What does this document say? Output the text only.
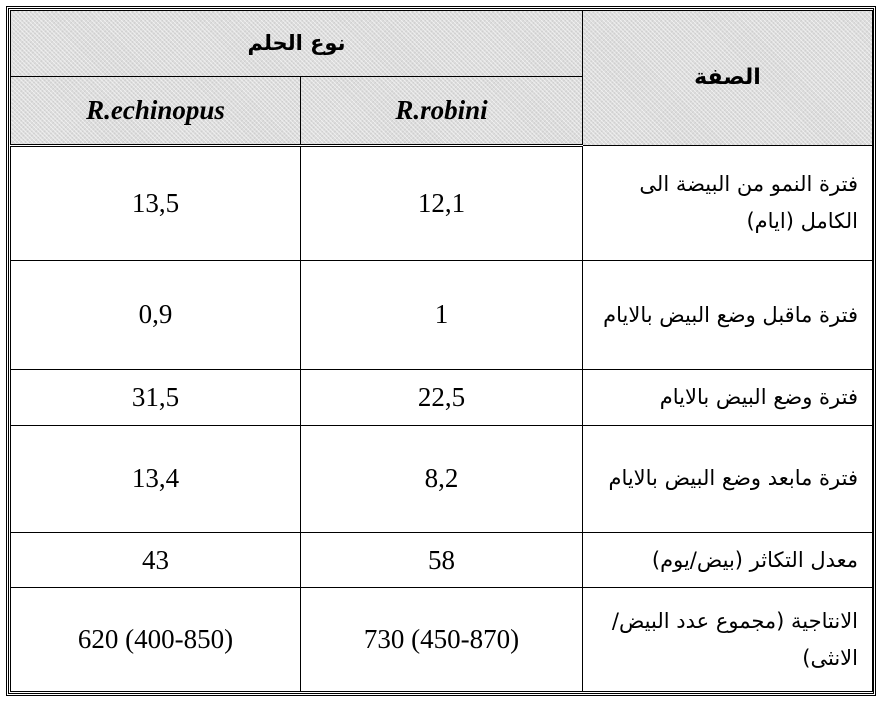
نوع الحلم		الصفة
R.echinopus	R.robini	
13,5	12,1	فترة النمو من البيضة الى الكامل (ايام)
0,9	1	فترة ماقبل وضع البيض بالايام
31,5	22,5	فترة وضع البيض بالايام
13,4	8,2	فترة مابعد وضع البيض بالايام
43	58	معدل التكاثر (بيض/يوم)
620 (400-850)	730 (450-870)	الانتاجية (مجموع عدد البيض/الانثى)
